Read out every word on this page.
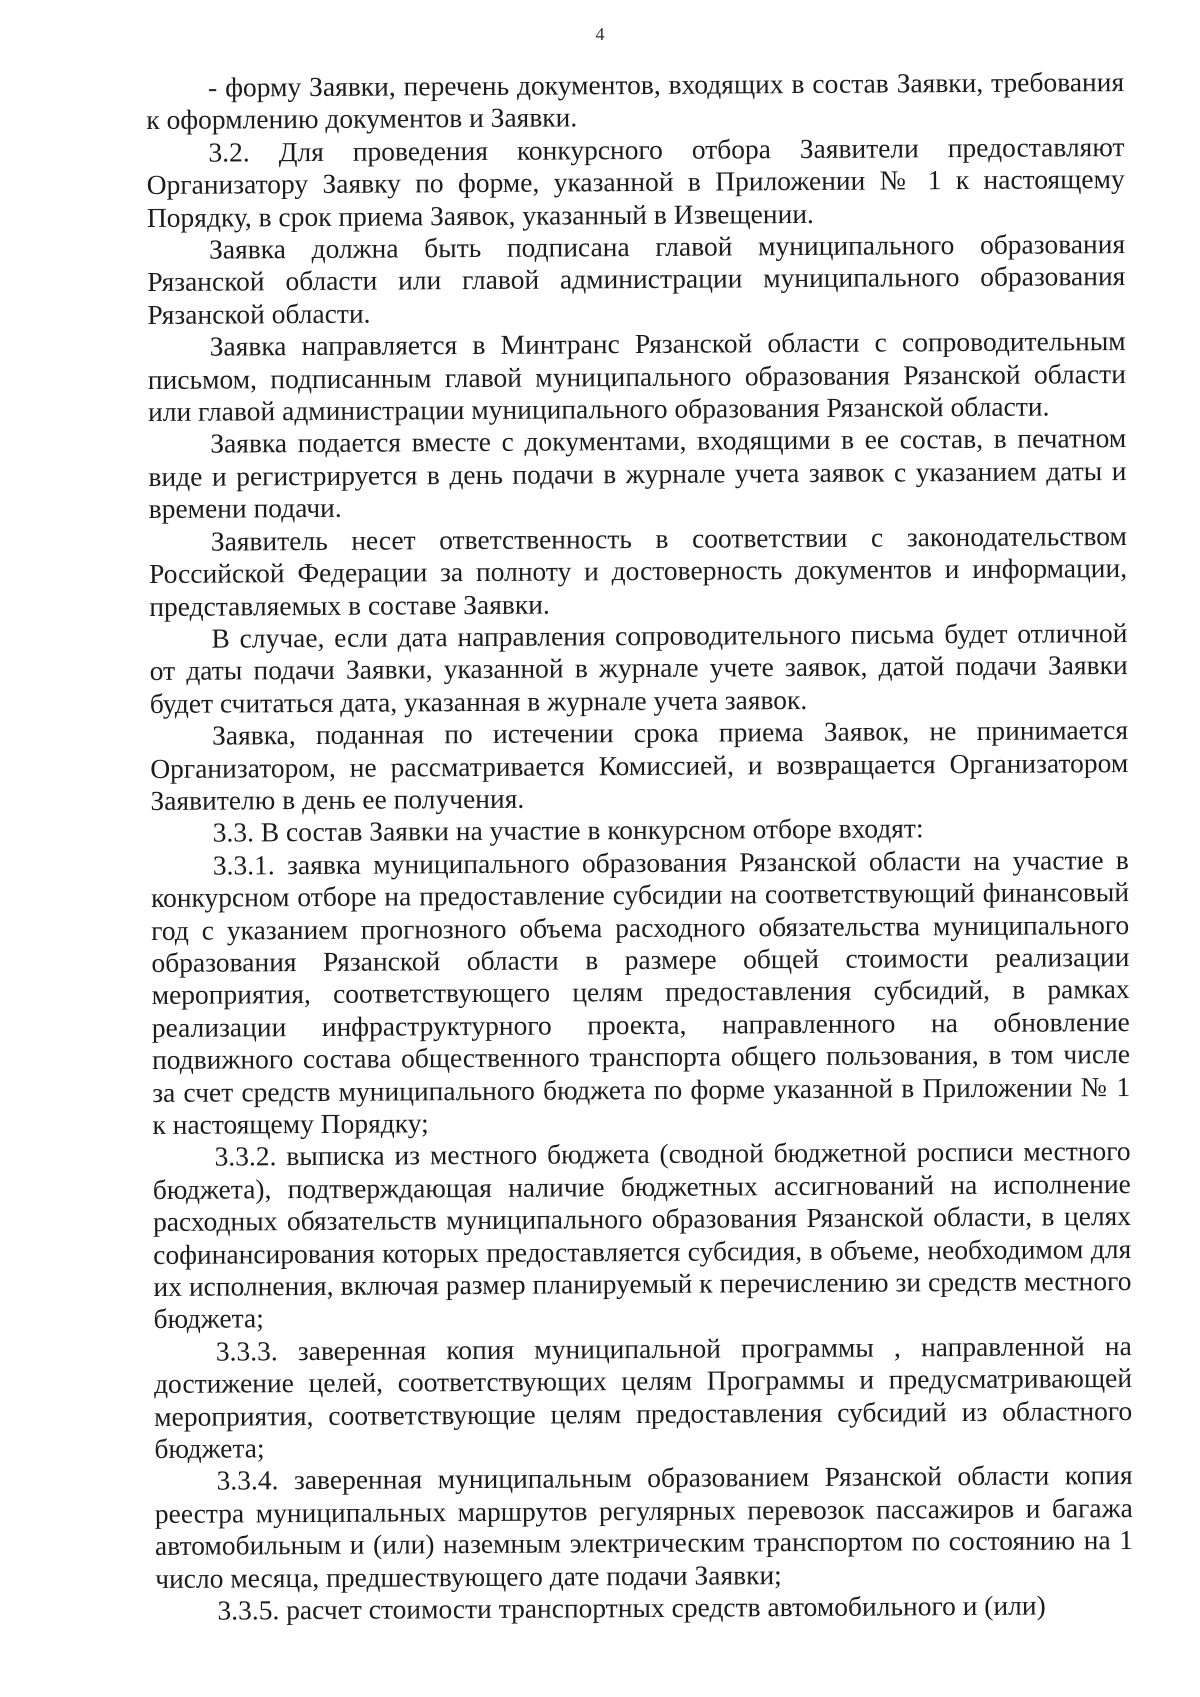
4

- форму Заявки, перечень документов, входящих в состав Заявки, требования к оформлению документов и Заявки.

3.2. Для проведения конкурсного отбора Заявители предоставляют Организатору Заявку по форме, указанной в Приложении № 1 к настоящему Порядку, в срок приема Заявок, указанный в Извещении.

Заявка должна быть подписана главой муниципального образования Рязанской области или главой администрации муниципального образования Рязанской области.

Заявка направляется в Минтранс Рязанской области с сопроводительным письмом, подписанным главой муниципального образования Рязанской области или главой администрации муниципального образования Рязанской области.

Заявка подается вместе с документами, входящими в ее состав, в печатном виде и регистрируется в день подачи в журнале учета заявок с указанием даты и времени подачи.

Заявитель несет ответственность в соответствии с законодательством Российской Федерации за полноту и достоверность документов и информации, представляемых в составе Заявки.

В случае, если дата направления сопроводительного письма будет отличной от даты подачи Заявки, указанной в журнале учете заявок, датой подачи Заявки будет считаться дата, указанная в журнале учета заявок.

Заявка, поданная по истечении срока приема Заявок, не принимается Организатором, не рассматривается Комиссией, и возвращается Организатором Заявителю в день ее получения.

3.3. В состав Заявки на участие в конкурсном отборе входят:

3.3.1. заявка муниципального образования Рязанской области на участие в конкурсном отборе на предоставление субсидии на соответствующий финансовый год с указанием прогнозного объема расходного обязательства муниципального образования Рязанской области в размере общей стоимости реализации мероприятия, соответствующего целям предоставления субсидий, в рамках реализации инфраструктурного проекта, направленного на обновление подвижного состава общественного транспорта общего пользования, в том числе за счет средств муниципального бюджета по форме указанной в Приложении № 1 к настоящему Порядку;

3.3.2. выписка из местного бюджета (сводной бюджетной росписи местного бюджета), подтверждающая наличие бюджетных ассигнований на исполнение расходных обязательств муниципального образования Рязанской области, в целях софинансирования которых предоставляется субсидия, в объеме, необходимом для их исполнения, включая размер планируемый к перечислению зи средств местного бюджета;

3.3.3. заверенная копия муниципальной программы , направленной на достижение целей, соответствующих целям Программы и предусматривающей мероприятия, соответствующие целям предоставления субсидий из областного бюджета;

3.3.4. заверенная муниципальным образованием Рязанской области копия реестра муниципальных маршрутов регулярных перевозок пассажиров и багажа автомобильным и (или) наземным электрическим транспортом по состоянию на 1 число месяца, предшествующего дате подачи Заявки;

3.3.5. расчет стоимости транспортных средств автомобильного и (или)
